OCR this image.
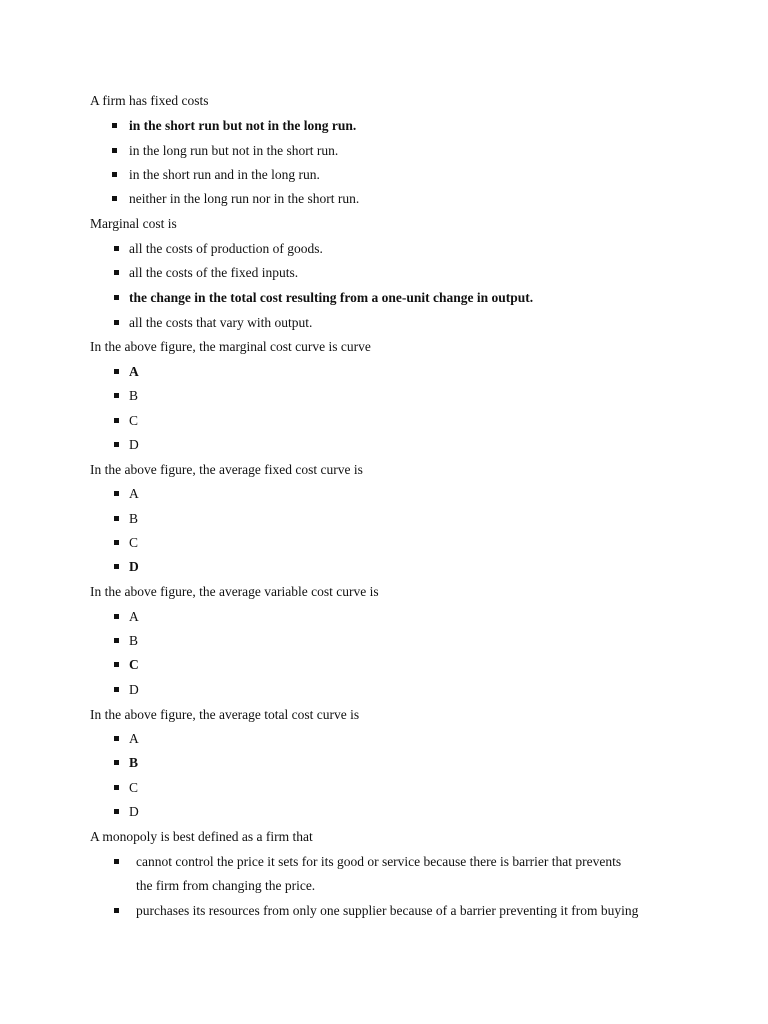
A firm has fixed costs
in the short run but not in the long run.
in the long run but not in the short run.
in the short run and in the long run.
neither in the long run nor in the short run.
Marginal cost is
all the costs of production of goods.
all the costs of the fixed inputs.
the change in the total cost resulting from a one-unit change in output.
all the costs that vary with output.
In the above figure, the marginal cost curve is curve
A
B
C
D
In the above figure, the average fixed cost curve is
A
B
C
D
In the above figure, the average variable cost curve is
A
B
C
D
In the above figure, the average total cost curve is
A
B
C
D
A monopoly is best defined as a firm that
cannot control the price it sets for its good or service because there is barrier that prevents
the firm from changing the price.
purchases its resources from only one supplier because of a barrier preventing it from buying
